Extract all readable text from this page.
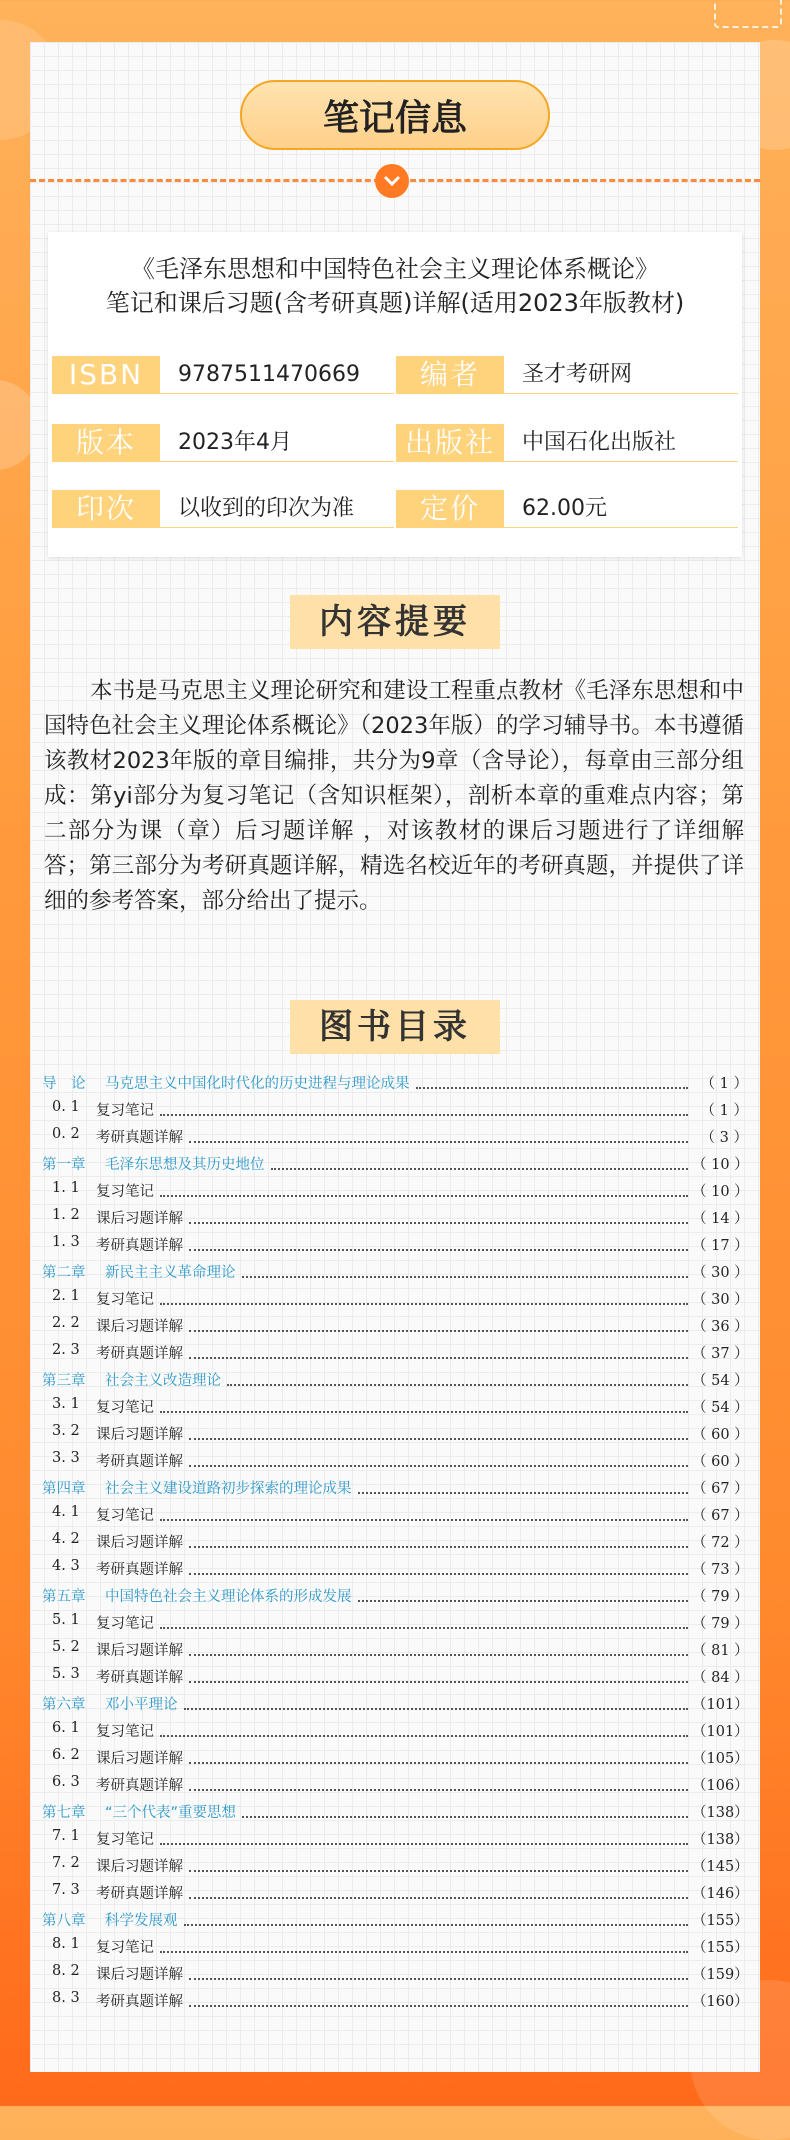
笔记信息
《毛泽东思想和中国特色社会主义理论体系概论》
笔记和课后习题(含考研真题)详解(适用2023年版教材)
ISBN	9787511470669	编者	圣才考研网
版本	2023年4月	出版社	中国石化出版社
印次	以收到的印次为准	定价	62.00元
内容提要
本书是马克思主义理论研究和建设工程重点教材《毛泽东思想和中国特色社会主义理论体系概论》（2023年版）的学习辅导书。本书遵循该教材2023年版的章目编排，共分为9章（含导论），每章由三部分组成：第yi部分为复习笔记（含知识框架），剖析本章的重难点内容；第二部分为课（章）后习题详解 ，对该教材的课后习题进行了详细解答；第三部分为考研真题详解，精选名校近年的考研真题，并提供了详细的参考答案，部分给出了提示。
图书目录
导　论 马克思主义中国化时代化的历史进程与理论成果	（ 1 ）
0. 1 复习笔记	（ 1 ）
0. 2 考研真题详解	（ 3 ）
第一章 毛泽东思想及其历史地位	（ 10 ）
1. 1 复习笔记	（ 10 ）
1. 2 课后习题详解	（ 14 ）
1. 3 考研真题详解	（ 17 ）
第二章 新民主主义革命理论	（ 30 ）
2. 1 复习笔记	（ 30 ）
2. 2 课后习题详解	（ 36 ）
2. 3 考研真题详解	（ 37 ）
第三章 社会主义改造理论	（ 54 ）
3. 1 复习笔记	（ 54 ）
3. 2 课后习题详解	（ 60 ）
3. 3 考研真题详解	（ 60 ）
第四章 社会主义建设道路初步探索的理论成果	（ 67 ）
4. 1 复习笔记	（ 67 ）
4. 2 课后习题详解	（ 72 ）
4. 3 考研真题详解	（ 73 ）
第五章 中国特色社会主义理论体系的形成发展	（ 79 ）
5. 1 复习笔记	（ 79 ）
5. 2 课后习题详解	（ 81 ）
5. 3 考研真题详解	（ 84 ）
第六章 邓小平理论	（101）
6. 1 复习笔记	（101）
6. 2 课后习题详解	（105）
6. 3 考研真题详解	（106）
第七章 “三个代表”重要思想	（138）
7. 1 复习笔记	（138）
7. 2 课后习题详解	（145）
7. 3 考研真题详解	（146）
第八章 科学发展观	（155）
8. 1 复习笔记	（155）
8. 2 课后习题详解	（159）
8. 3 考研真题详解	（160）
